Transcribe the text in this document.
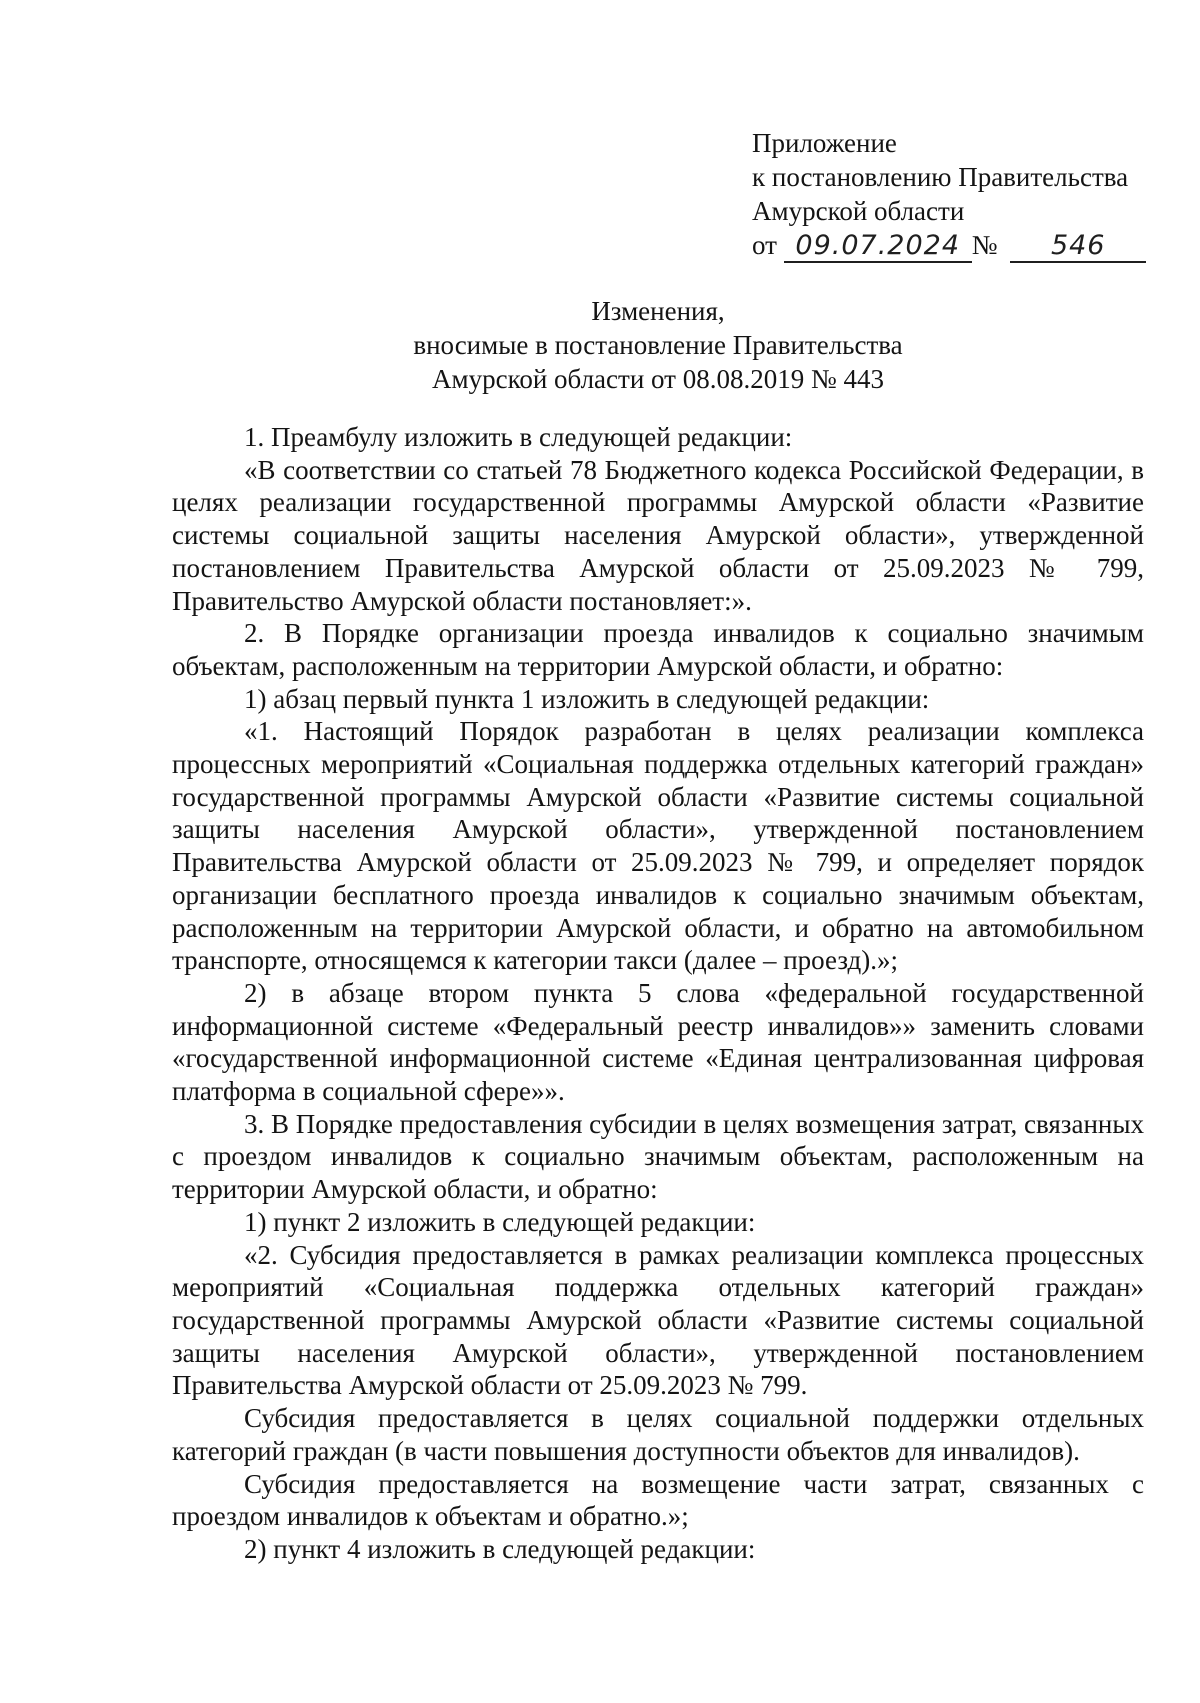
Приложение
к постановлению Правительства
Амурской области
от 09.07.2024 № 546
Изменения,
вносимые в постановление Правительства
Амурской области от 08.08.2019 № 443

1. Преамбулу изложить в следующей редакции:

«В соответствии со статьей 78 Бюджетного кодекса Российской Федерации, в целях реализации государственной программы Амурской области «Развитие системы социальной защиты населения Амурской области», утвержденной постановлением Правительства Амурской области от 25.09.2023 № 799, Правительство Амурской области постановляет:».

2. В Порядке организации проезда инвалидов к социально значимым объектам, расположенным на территории Амурской области, и обратно:

1) абзац первый пункта 1 изложить в следующей редакции:

«1. Настоящий Порядок разработан в целях реализации комплекса процессных мероприятий «Социальная поддержка отдельных категорий граждан» государственной программы Амурской области «Развитие системы социальной защиты населения Амурской области», утвержденной постановлением Правительства Амурской области от 25.09.2023 № 799, и определяет порядок организации бесплатного проезда инвалидов к социально значимым объектам, расположенным на территории Амурской области, и обратно на автомобильном транспорте, относящемся к категории такси (далее – проезд).»;

2) в абзаце втором пункта 5 слова «федеральной государственной информационной системе «Федеральный реестр инвалидов»» заменить словами «государственной информационной системе «Единая централизованная цифровая платформа в социальной сфере»».

3. В Порядке предоставления субсидии в целях возмещения затрат, связанных с проездом инвалидов к социально значимым объектам, расположенным на территории Амурской области, и обратно:

1) пункт 2 изложить в следующей редакции:

«2. Субсидия предоставляется в рамках реализации комплекса процессных мероприятий «Социальная поддержка отдельных категорий граждан» государственной программы Амурской области «Развитие системы социальной защиты населения Амурской области», утвержденной постановлением Правительства Амурской области от 25.09.2023 № 799.

Субсидия предоставляется в целях социальной поддержки отдельных категорий граждан (в части повышения доступности объектов для инвалидов).

Субсидия предоставляется на возмещение части затрат, связанных с проездом инвалидов к объектам и обратно.»;

2) пункт 4 изложить в следующей редакции:
